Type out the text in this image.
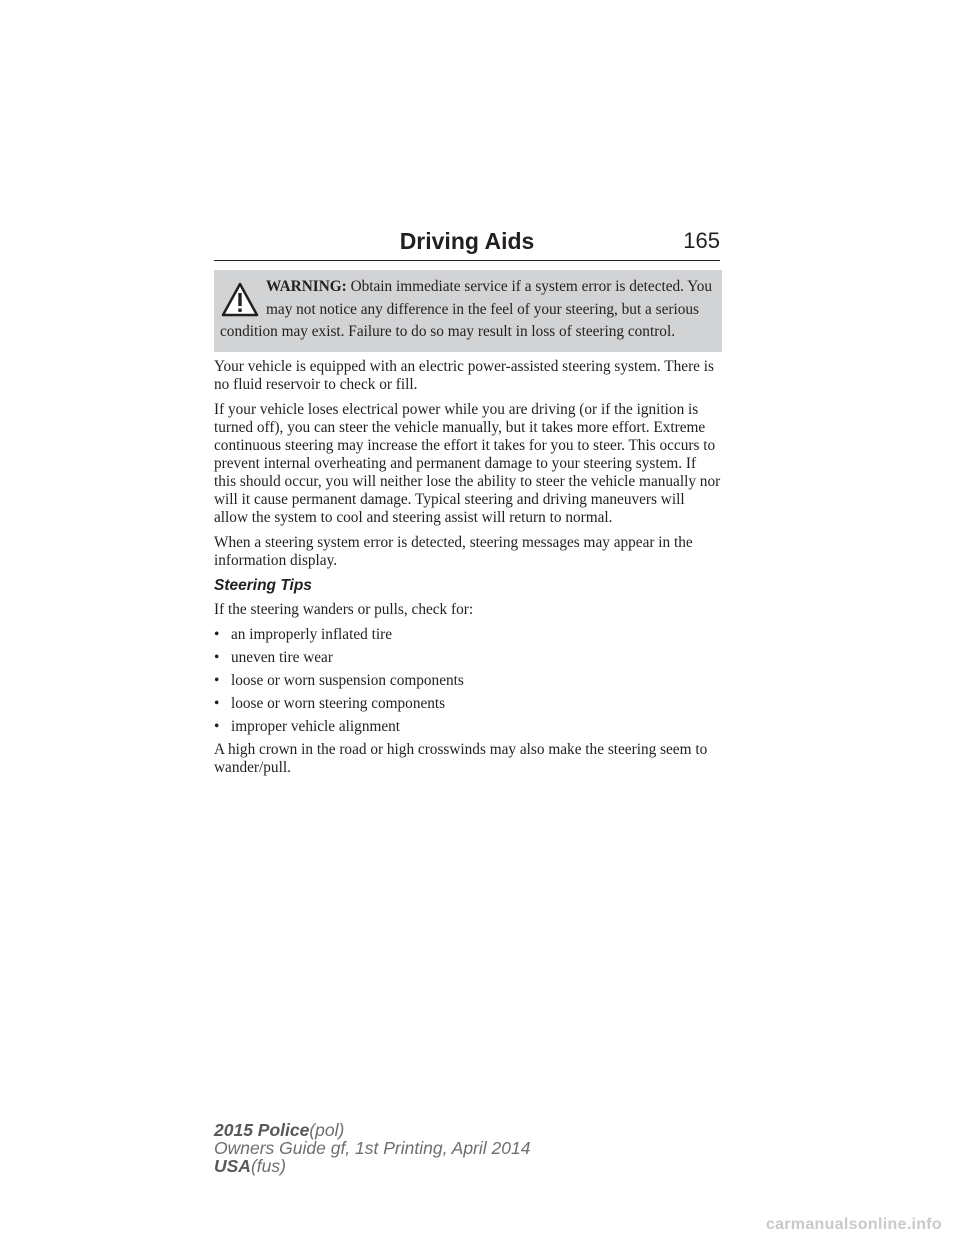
Driving Aids	165
WARNING: Obtain immediate service if a system error is detected. You may not notice any difference in the feel of your steering, but a serious condition may exist. Failure to do so may result in loss of steering control.

Your vehicle is equipped with an electric power-assisted steering system. There is no fluid reservoir to check or fill.

If your vehicle loses electrical power while you are driving (or if the ignition is turned off), you can steer the vehicle manually, but it takes more effort. Extreme continuous steering may increase the effort it takes for you to steer. This occurs to prevent internal overheating and permanent damage to your steering system. If this should occur, you will neither lose the ability to steer the vehicle manually nor will it cause permanent damage. Typical steering and driving maneuvers will allow the system to cool and steering assist will return to normal.

When a steering system error is detected, steering messages may appear in the information display.

Steering Tips

If the steering wanders or pulls, check for:

• an improperly inflated tire
• uneven tire wear
• loose or worn suspension components
• loose or worn steering components
• improper vehicle alignment

A high crown in the road or high crosswinds may also make the steering seem to wander/pull.

2015 Police(pol)
Owners Guide gf, 1st Printing, April 2014
USA(fus)
carmanualsonline.info
